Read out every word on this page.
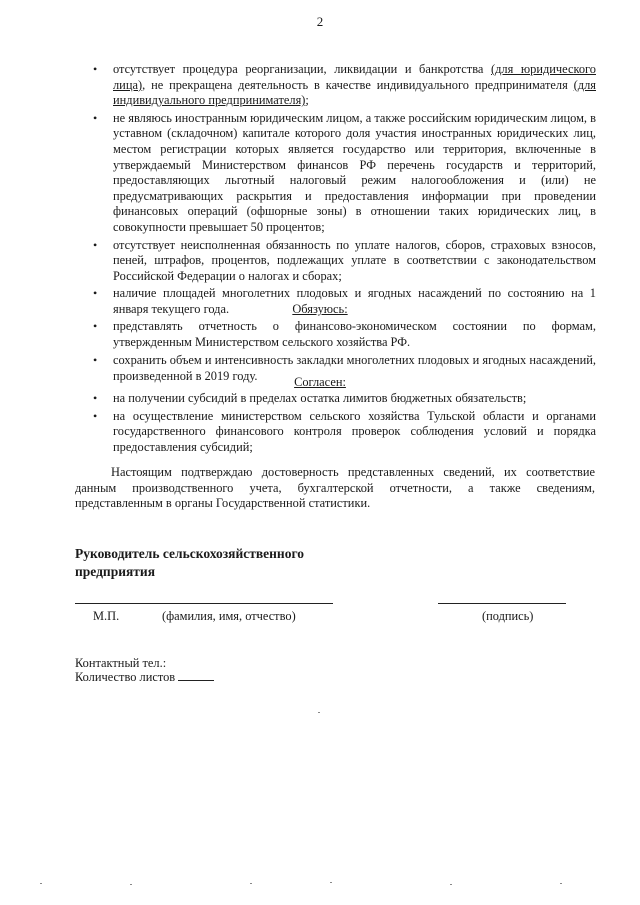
2
• отсутствует процедура реорганизации, ликвидации и банкротства (для юридического лица), не прекращена деятельность в качестве индивидуального предпринимателя (для индивидуального предпринимателя);
• не являюсь иностранным юридическим лицом, а также российским юридическим лицом, в уставном (складочном) капитале которого доля участия иностранных юридических лиц, местом регистрации которых является государство или территория, включенные в утверждаемый Министерством финансов РФ перечень государств и территорий, предоставляющих льготный налоговый режим налогообложения и (или) не предусматривающих раскрытия и предоставления информации при проведении финансовых операций (офшорные зоны) в отношении таких юридических лиц, в совокупности превышает 50 процентов;
• отсутствует неисполненная обязанность по уплате налогов, сборов, страховых взносов, пеней, штрафов, процентов, подлежащих уплате в соответствии с законодательством Российской Федерации о налогах и сборах;
• наличие площадей многолетних плодовых и ягодных насаждений по состоянию на 1 января текущего года.	Обязуюсь:
• представлять отчетность о финансово-экономическом состоянии по формам, утвержденным Министерством сельского хозяйства РФ.
• сохранить объем и интенсивность закладки многолетних плодовых и ягодных насаждений, произведенной в 2019 году.	Согласен:
• на получении субсидий в пределах остатка лимитов бюджетных обязательств;
• на осуществление министерством сельского хозяйства Тульской области и органами государственного финансового контроля проверок соблюдения условий и порядка предоставления субсидий;
Настоящим подтверждаю достоверность представленных сведений, их соответствие данным производственного учета, бухгалтерской отчетности, а также сведениям, представленным в органы Государственной статистики.
Руководитель сельскохозяйственного
предприятия
М.П.	(фамилия, имя, отчество)	(подпись)
Контактный тел.:
Количество листов
